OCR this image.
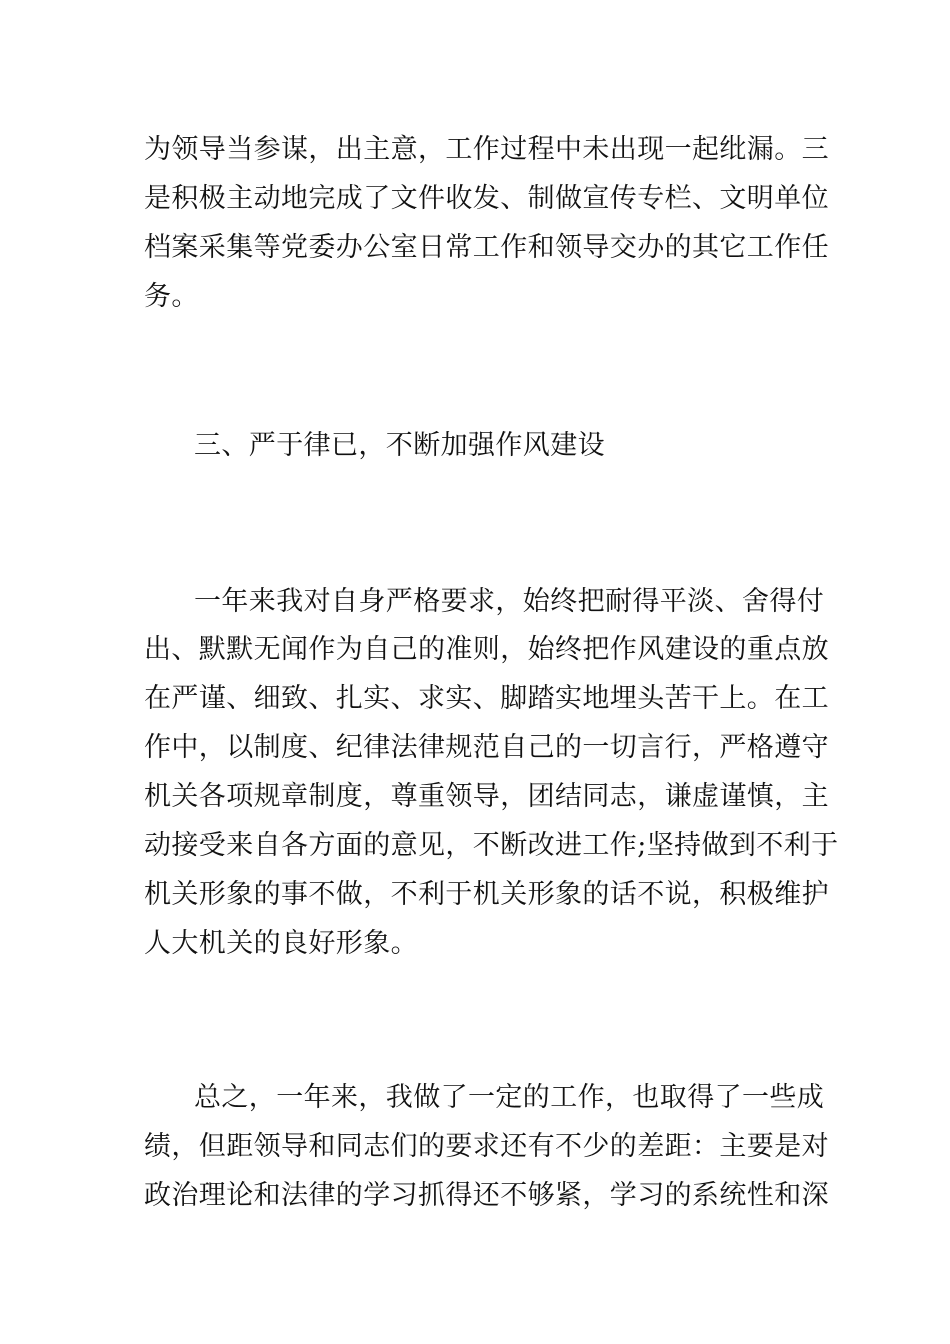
为领导当参谋，出主意，工作过程中未出现一起纰漏。三
是积极主动地完成了文件收发、制做宣传专栏、文明单位
档案采集等党委办公室日常工作和领导交办的其它工作任
务。
三、严于律已，不断加强作风建设
一年来我对自身严格要求，始终把耐得平淡、舍得付
出、默默无闻作为自己的准则，始终把作风建设的重点放
在严谨、细致、扎实、求实、脚踏实地埋头苦干上。在工
作中，以制度、纪律法律规范自己的一切言行，严格遵守
机关各项规章制度，尊重领导，团结同志，谦虚谨慎，主
动接受来自各方面的意见，不断改进工作;坚持做到不利于
机关形象的事不做，不利于机关形象的话不说，积极维护
人大机关的良好形象。
总之，一年来，我做了一定的工作，也取得了一些成
绩，但距领导和同志们的要求还有不少的差距：主要是对
政治理论和法律的学习抓得还不够紧，学习的系统性和深
